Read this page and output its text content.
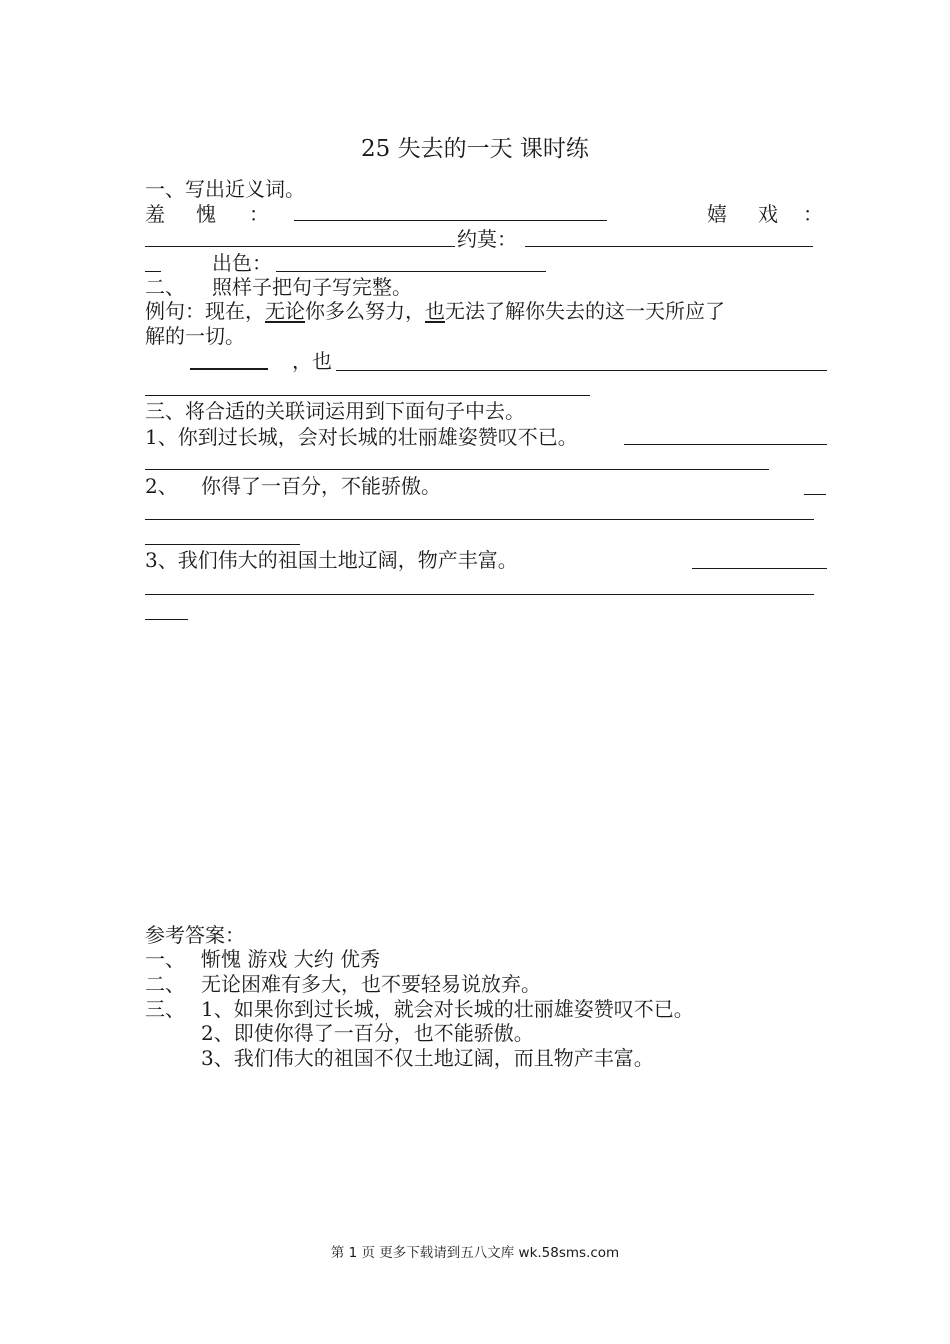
25 失去的一天 课时练
一、写出近义词。
羞 愧 ：	嬉 戏 ：
约莫：
出色：
二、 照样子把句子写完整。
例句：现在，无论你多么努力，也无法了解你失去的这一天所应了
解的一切。
，也
三、将合适的关联词运用到下面句子中去。
1、你到过长城，会对长城的壮丽雄姿赞叹不已。
2、 你得了一百分，不能骄傲。
3、我们伟大的祖国土地辽阔，物产丰富。
参考答案：
一、 惭愧 游戏 大约 优秀
二、 无论困难有多大，也不要轻易说放弃。
三、 1、如果你到过长城，就会对长城的壮丽雄姿赞叹不已。
2、即使你得了一百分，也不能骄傲。
3、我们伟大的祖国不仅土地辽阔，而且物产丰富。
第 1 页 更多下载请到五八文库 wk.58sms.com
